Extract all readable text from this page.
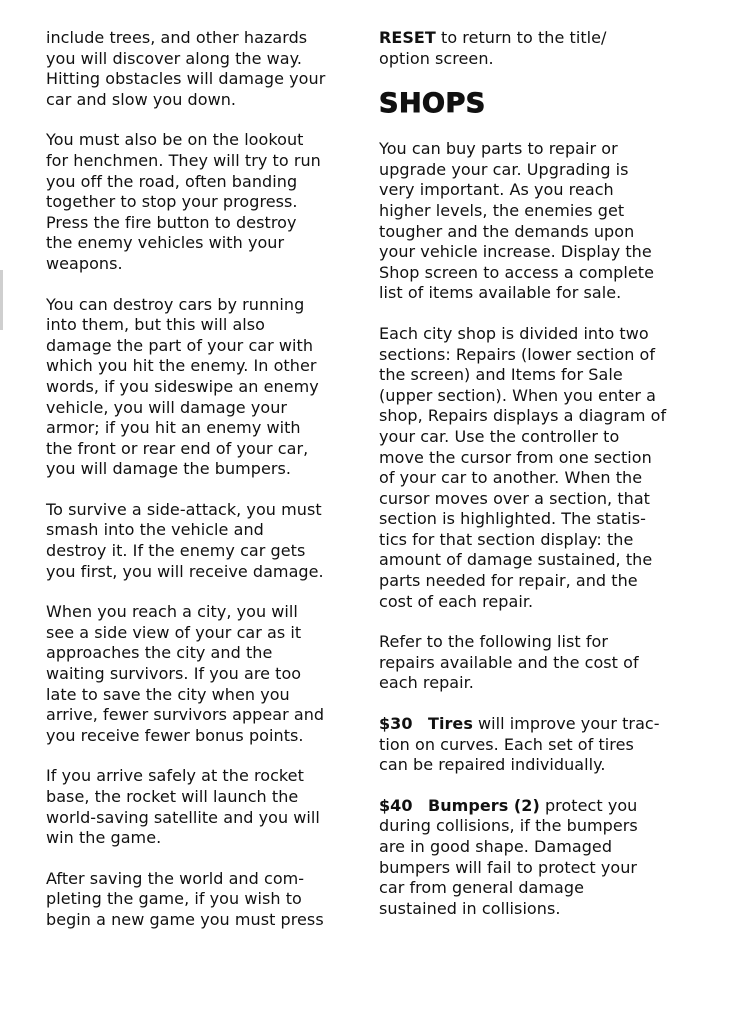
include trees, and other hazards
you will discover along the way.
Hitting obstacles will damage your
car and slow you down.

You must also be on the lookout
for henchmen. They will try to run
you off the road, often banding
together to stop your progress.
Press the fire button to destroy
the enemy vehicles with your
weapons.

You can destroy cars by running
into them, but this will also
damage the part of your car with
which you hit the enemy. In other
words, if you sideswipe an enemy
vehicle, you will damage your
armor; if you hit an enemy with
the front or rear end of your car,
you will damage the bumpers.

To survive a side-attack, you must
smash into the vehicle and
destroy it. If the enemy car gets
you first, you will receive damage.

When you reach a city, you will
see a side view of your car as it
approaches the city and the
waiting survivors. If you are too
late to save the city when you
arrive, fewer survivors appear and
you receive fewer bonus points.

If you arrive safely at the rocket
base, the rocket will launch the
world-saving satellite and you will
win the game.

After saving the world and com-
pleting the game, if you wish to
begin a new game you must press

RESET to return to the title/
option screen.

SHOPS

You can buy parts to repair or
upgrade your car. Upgrading is
very important. As you reach
higher levels, the enemies get
tougher and the demands upon
your vehicle increase. Display the
Shop screen to access a complete
list of items available for sale.

Each city shop is divided into two
sections: Repairs (lower section of
the screen) and Items for Sale
(upper section). When you enter a
shop, Repairs displays a diagram of
your car. Use the controller to
move the cursor from one section
of your car to another. When the
cursor moves over a section, that
section is highlighted. The statis-
tics for that section display: the
amount of damage sustained, the
parts needed for repair, and the
cost of each repair.

Refer to the following list for
repairs available and the cost of
each repair.

$30 Tires will improve your trac-
tion on curves. Each set of tires
can be repaired individually.

$40 Bumpers (2) protect you
during collisions, if the bumpers
are in good shape. Damaged
bumpers will fail to protect your
car from general damage
sustained in collisions.
